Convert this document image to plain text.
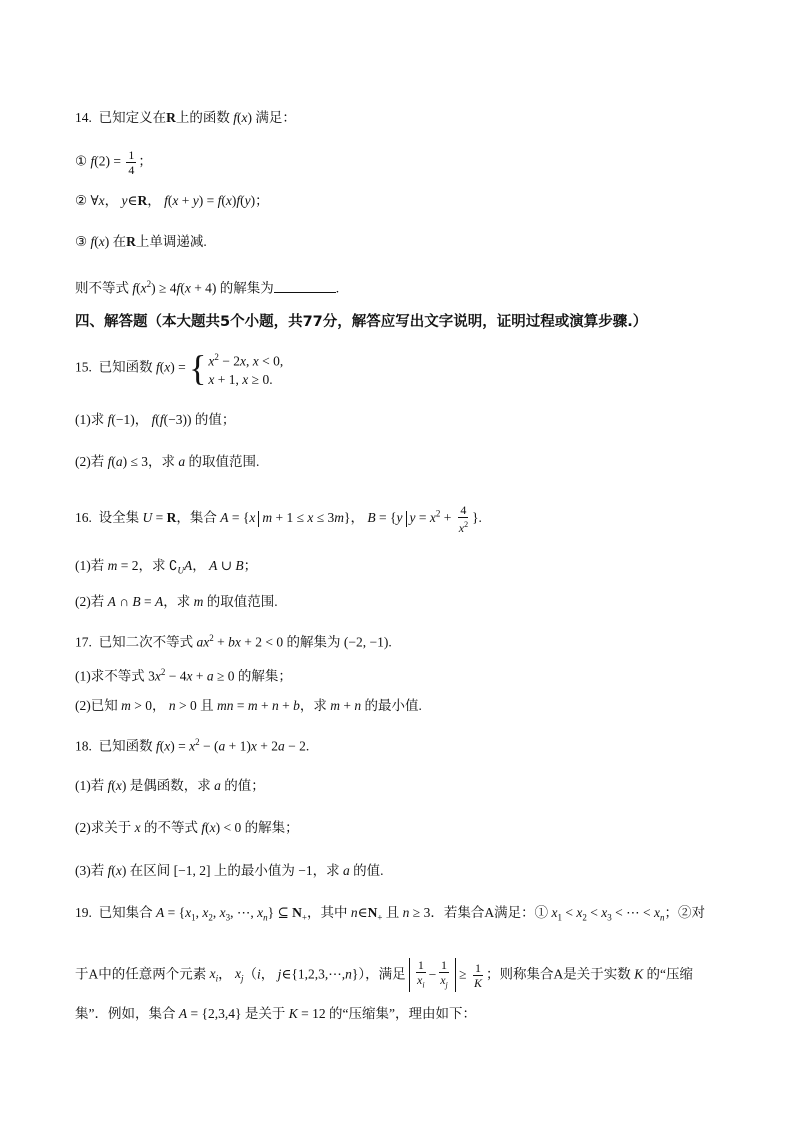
14.  已知定义在R上的函数 f(x) 满足：
① $f(2) = \frac{1}{4}$ ；
② ∀x， y∈R， f(x + y) = f(x)f(y)；
③ f(x) 在R上单调递减.
则不等式 $f(x^2) \ge 4f(x + 4)$ 的解集为	.
四、解答题（本大题共5个小题，共77分，解答应写出文字说明，证明过程或演算步骤.）
15.  已知函数 f(x) = { $x^2 - 2x$, x < 0,
x + 1, x ≥ 0.
(1)求 f(−1)， f(f(−3)) 的值；
(2)若 f(a) ≤ 3，求 a 的取值范围.
16.  设全集 U = R，集合 A = {x m + 1 ≤ x ≤ 3m}， B = {y $y = x^2 + \frac{4}{x^2}$ }.
(1)若 m = 2，求 $∁_UA$， A ∪ B；
(2)若 A ∩ B = A，求 m 的取值范围.
17.  已知二次不等式 $ax^2$ + bx + 2 < 0 的解集为 (−2, −1).
(1)求不等式 $3x^2 - 4x + a \ge 0$ 的解集；
(2)已知 m > 0， n > 0 且 mn = m + n + b，求 m + n 的最小值.
18.  已知函数 $f(x) = x^2 - (a + 1)x + 2a - 2$.
(1)若 f(x) 是偶函数，求 a 的值；
(2)求关于 x 的不等式 f(x) < 0 的解集；
(3)若 f(x) 在区间 [−1, 2] 上的最小值为 −1，求 a 的值.
19.  已知集合 $A = \{x_1$, $x_2$, $x_3$, ⋯, $x_n$} ⊆ $N_+$，其中 $n\in N_+$ 且 n ≥ 3．若集合A满足：① $x_1 < x_2 < x_3$ < ⋯ < $x_n$；②对
于A中的任意两个元素 $x_i$， $x_j(i$， j∈{1,2,3,⋯,n}），满足 $\frac{1}{x_i} - \frac{1}{x_j} \ge \frac{1}{K}$ ；则称集合A是关于实数 K 的“压缩
集”．例如，集合 A = {2,3,4} 是关于 K = 12 的“压缩集”，理由如下：
